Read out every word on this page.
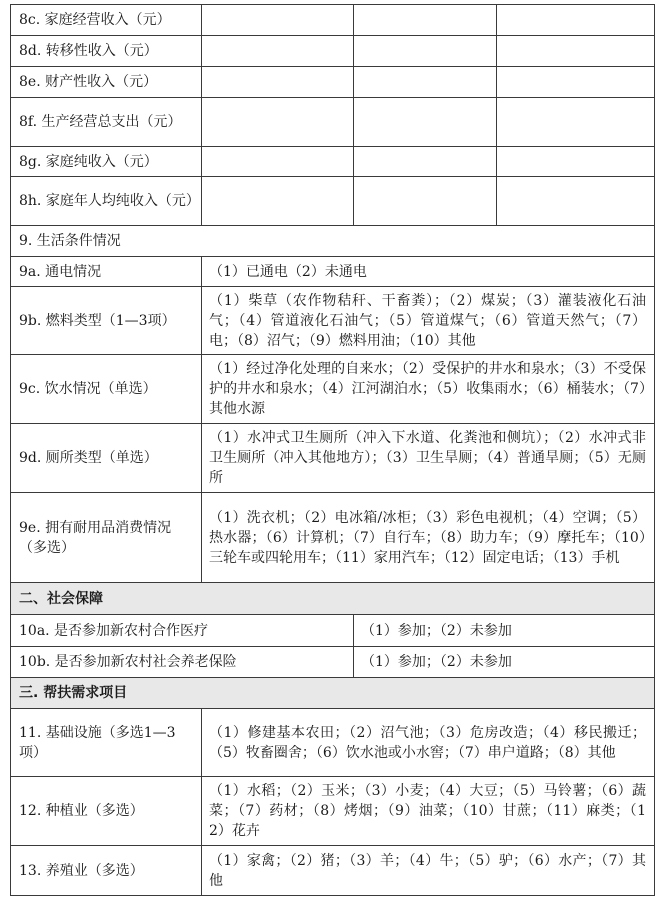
8c. 家庭经营收入（元）			
8d. 转移性收入（元）			
8e. 财产性收入（元）			
8f. 生产经营总支出（元）			
8g. 家庭纯收入（元）			
8h. 家庭年人均纯收入（元）			
9. 生活条件情况			
9a. 通电情况	（1）已通电（2）未通电		
9b. 燃料类型（1—3项）	（1）柴草（农作物秸秆、干畜粪）；（2）煤炭；（3）灌装液化石油气；（4）管道液化石油气；（5）管道煤气；（6）管道天然气；（7）电；（8）沼气；（9）燃料用油；（10）其他		
9c. 饮水情况（单选）	（1）经过净化处理的自来水；（2）受保护的井水和泉水；（3）不受保护的井水和泉水；（4）江河湖泊水；（5）收集雨水；（6）桶装水；（7）其他水源		
9d. 厕所类型（单选）	（1）水冲式卫生厕所（冲入下水道、化粪池和侧坑）；（2）水冲式非卫生厕所（冲入其他地方）；（3）卫生旱厕；（4）普通旱厕；（5）无厕所		
9e. 拥有耐用品消费情况（多选）	（1）洗衣机；（2）电冰箱/冰柜；（3）彩色电视机；（4）空调；（5）热水器；（6）计算机；（7）自行车；（8）助力车；（9）摩托车；（10）三轮车或四轮用车；（11）家用汽车；（12）固定电话；（13）手机		
二、社会保障			
10a. 是否参加新农村合作医疗		（1）参加；（2）未参加	
10b. 是否参加新农村社会养老保险		（1）参加；（2）未参加	
三. 帮扶需求项目			
11. 基础设施（多选1—3项）	（1）修建基本农田；（2）沼气池；（3）危房改造；（4）移民搬迁；（5）牧畜圈舍；（6）饮水池或小水窖；（7）串户道路；（8）其他		
12. 种植业（多选）	（1）水稻；（2）玉米；（3）小麦；（4）大豆；（5）马铃薯；（6）蔬菜；（7）药材；（8）烤烟；（9）油菜；（10）甘蔗；（11）麻类；（12）花卉		
13. 养殖业（多选）	（1）家禽；（2）猪；（3）羊；（4）牛；（5）驴；（6）水产；（7）其他		
